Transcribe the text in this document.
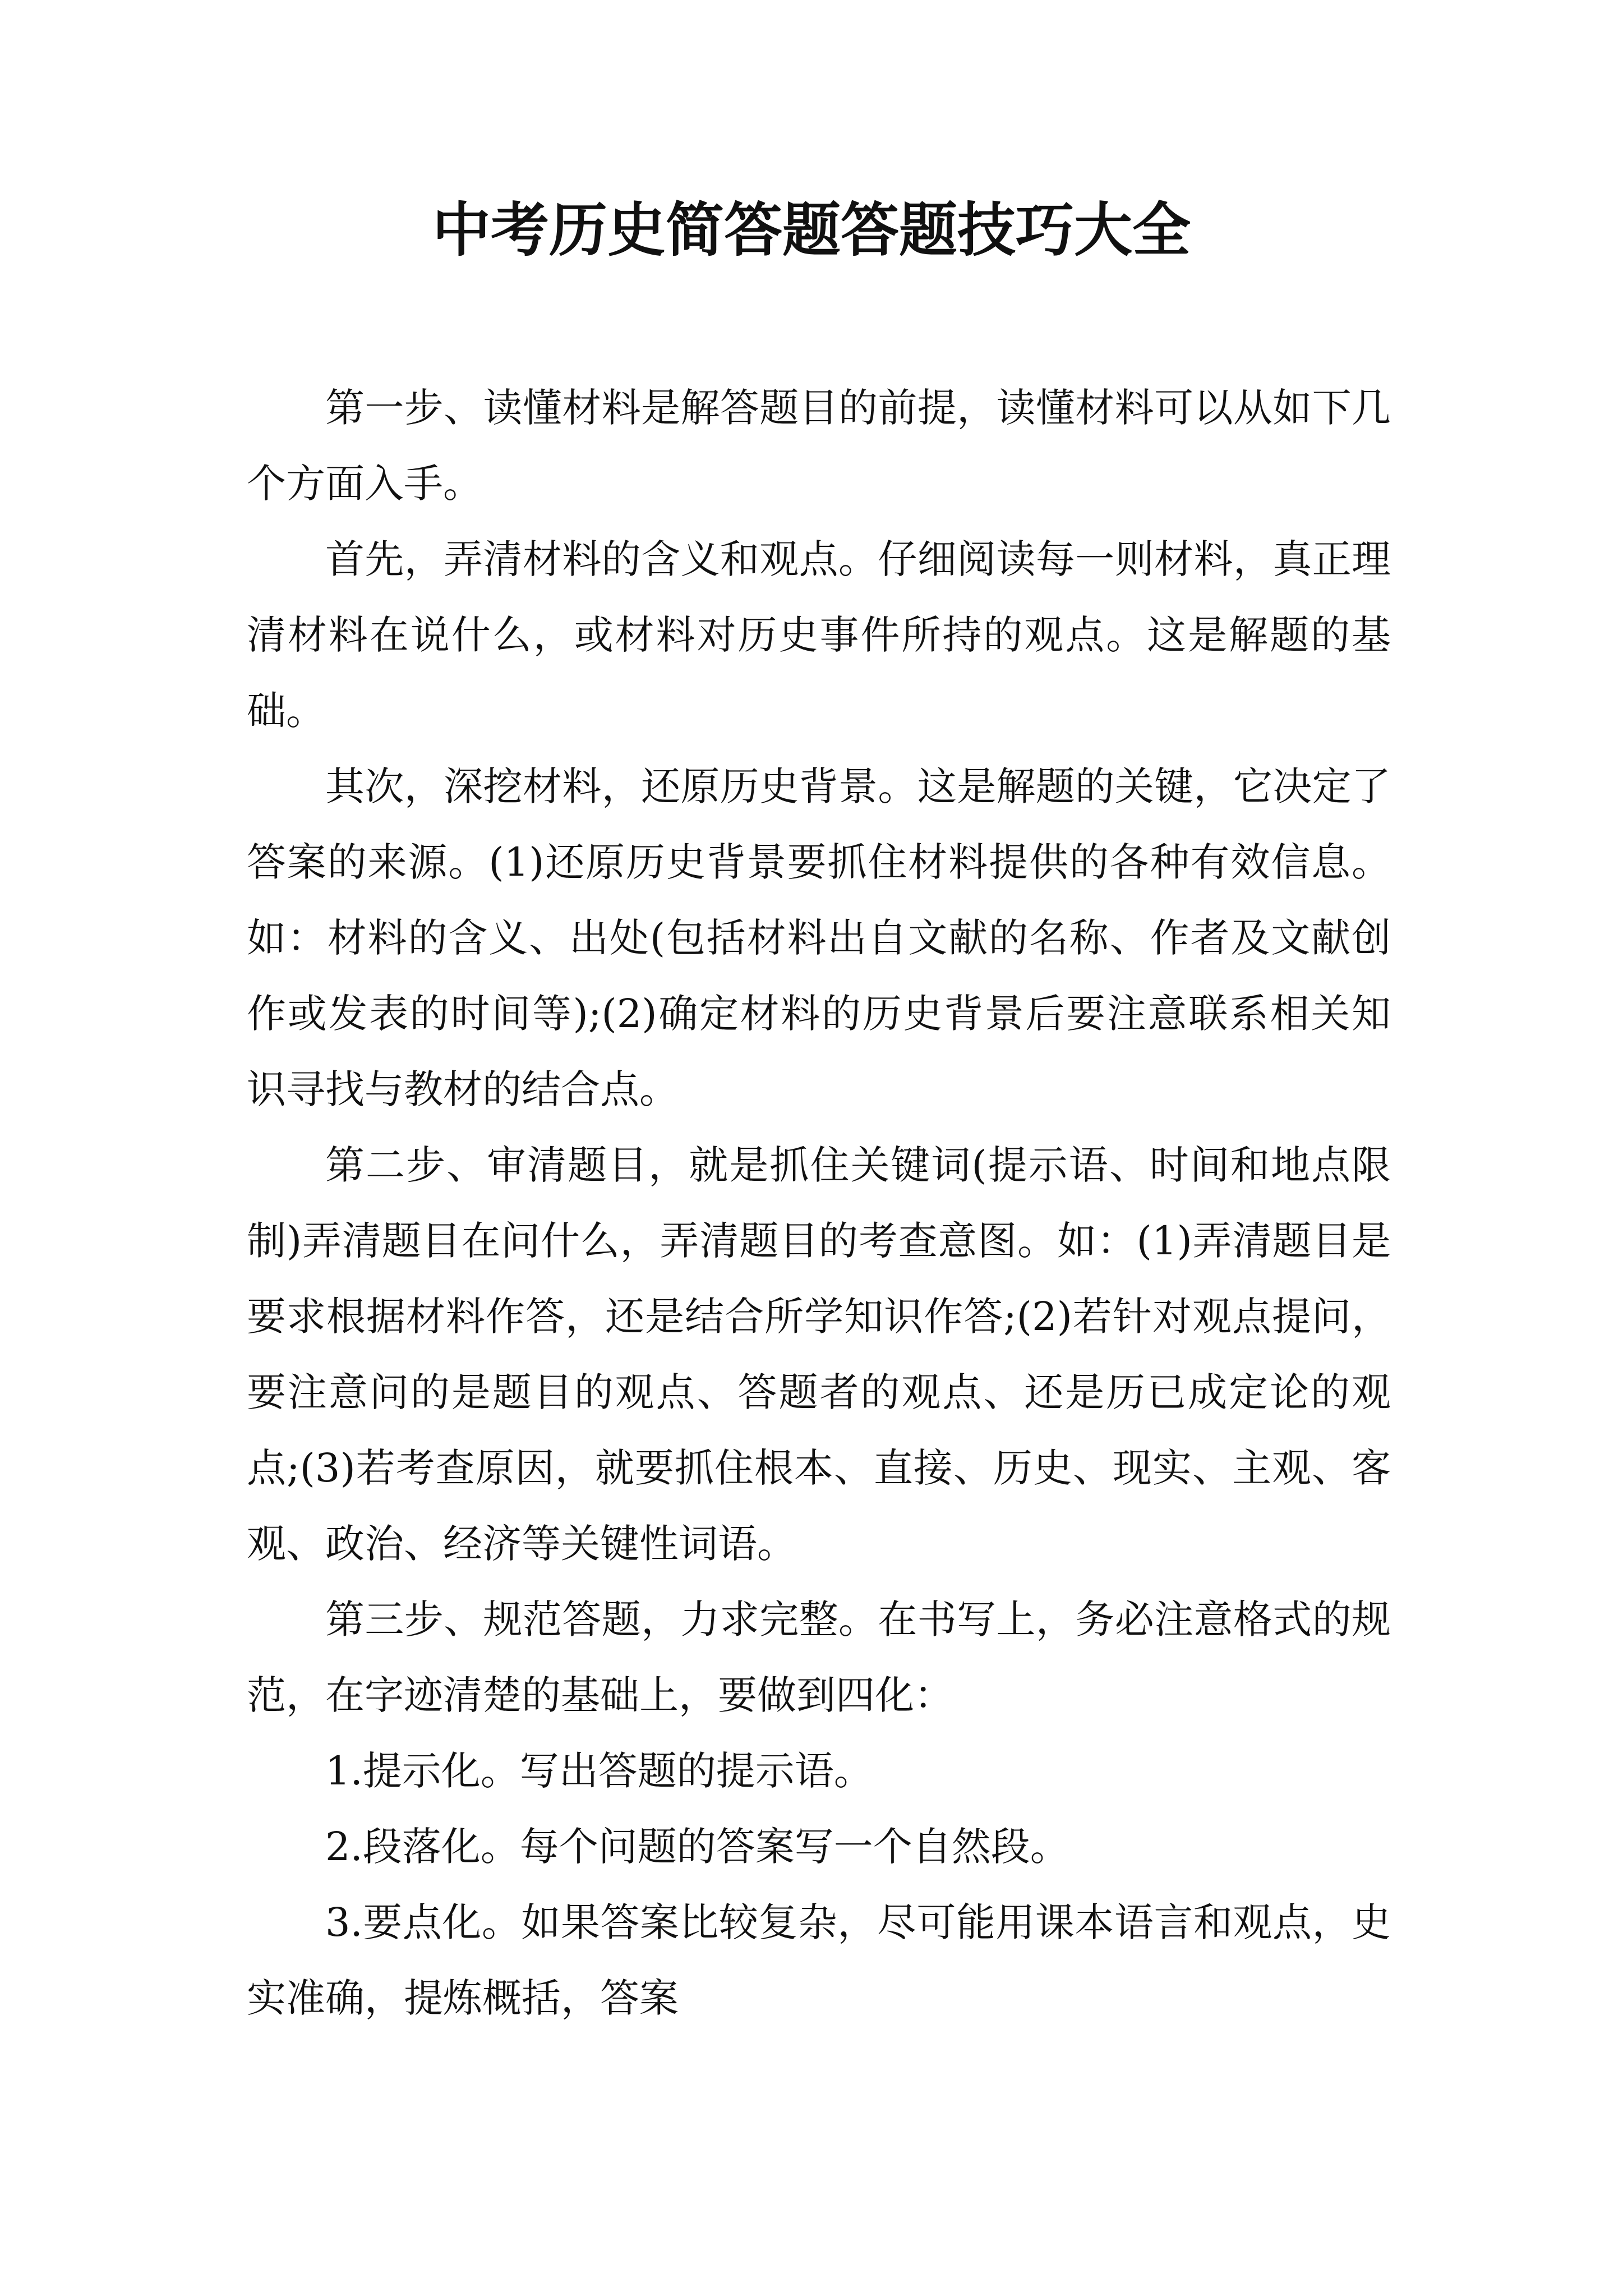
中考历史简答题答题技巧大全

第一步、读懂材料是解答题目的前提，读懂材料可以从如下几个方面入手。

首先，弄清材料的含义和观点。仔细阅读每一则材料，真正理清材料在说什么，或材料对历史事件所持的观点。这是解题的基础。

其次，深挖材料，还原历史背景。这是解题的关键，它决定了答案的来源。(1)还原历史背景要抓住材料提供的各种有效信息。如：材料的含义、出处(包括材料出自文献的名称、作者及文献创作或发表的时间等);(2)确定材料的历史背景后要注意联系相关知识寻找与教材的结合点。

第二步、审清题目，就是抓住关键词(提示语、时间和地点限制)弄清题目在问什么，弄清题目的考查意图。如：(1)弄清题目是要求根据材料作答，还是结合所学知识作答;(2)若针对观点提问，要注意问的是题目的观点、答题者的观点、还是历已成定论的观点;(3)若考查原因，就要抓住根本、直接、历史、现实、主观、客观、政治、经济等关键性词语。

第三步、规范答题，力求完整。在书写上，务必注意格式的规范，在字迹清楚的基础上，要做到四化：

1.提示化。写出答题的提示语。

2.段落化。每个问题的答案写一个自然段。

3.要点化。如果答案比较复杂，尽可能用课本语言和观点，史实准确，提炼概括，答案
